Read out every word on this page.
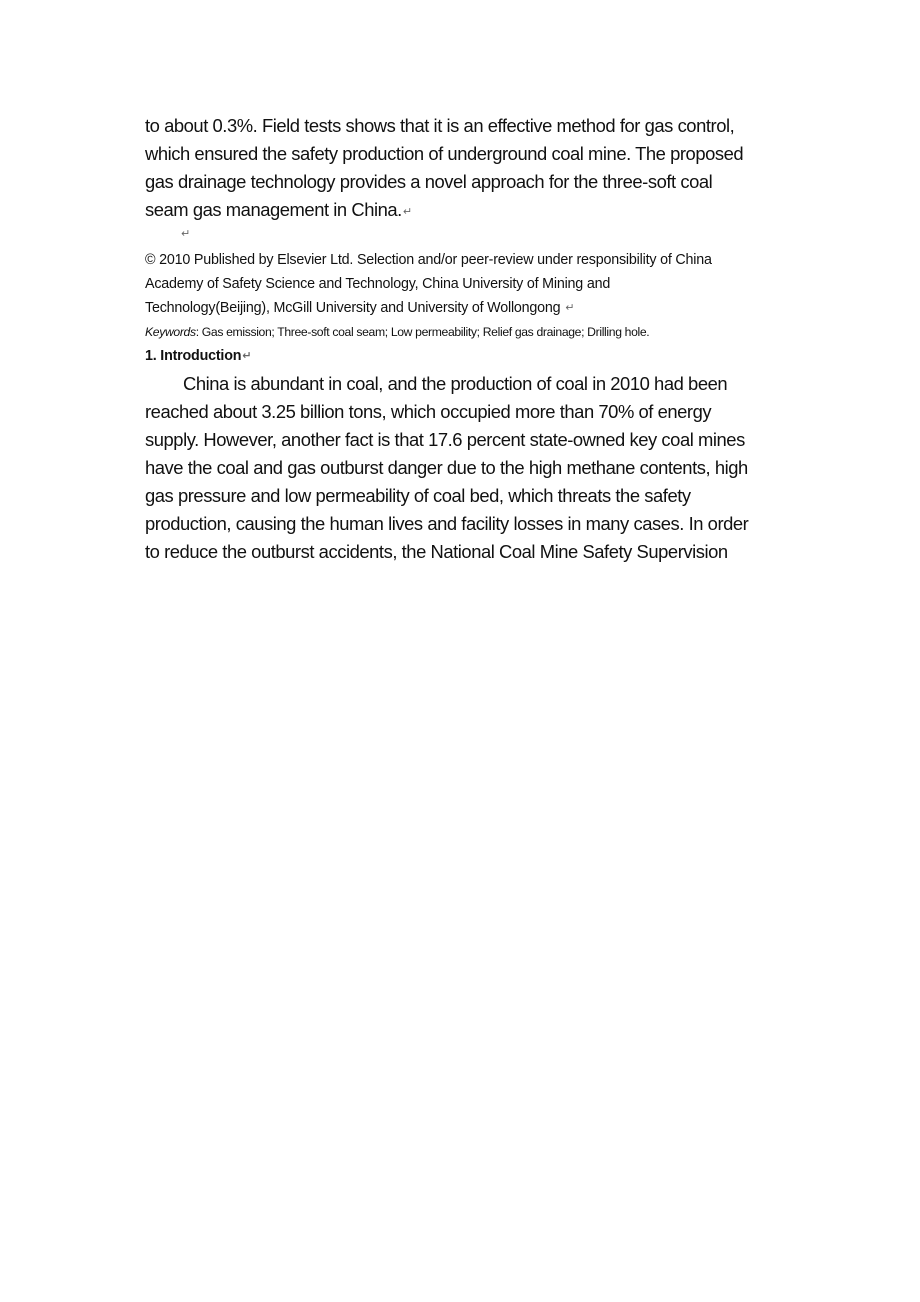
to about 0.3%. Field tests shows that it is an effective method for gas control,
which ensured the safety production of underground coal mine. The proposed
gas drainage technology provides a novel approach for the three-soft coal
seam gas management in China.↵
↵
© 2010 Published by Elsevier Ltd. Selection and/or peer-review under responsibility of China
Academy of Safety Science and Technology, China University of Mining and
Technology(Beijing), McGill University and University of Wollongong ↵
Keywords: Gas emission; Three-soft coal seam; Low permeability; Relief gas drainage; Drilling hole.
1. Introduction↵
China is abundant in coal, and the production of coal in 2010 had been
reached about 3.25 billion tons, which occupied more than 70% of energy
supply. However, another fact is that 17.6 percent state-owned key coal mines
have the coal and gas outburst danger due to the high methane contents, high
gas pressure and low permeability of coal bed, which threats the safety
production, causing the human lives and facility losses in many cases. In order
to reduce the outburst accidents, the National Coal Mine Safety Supervision
